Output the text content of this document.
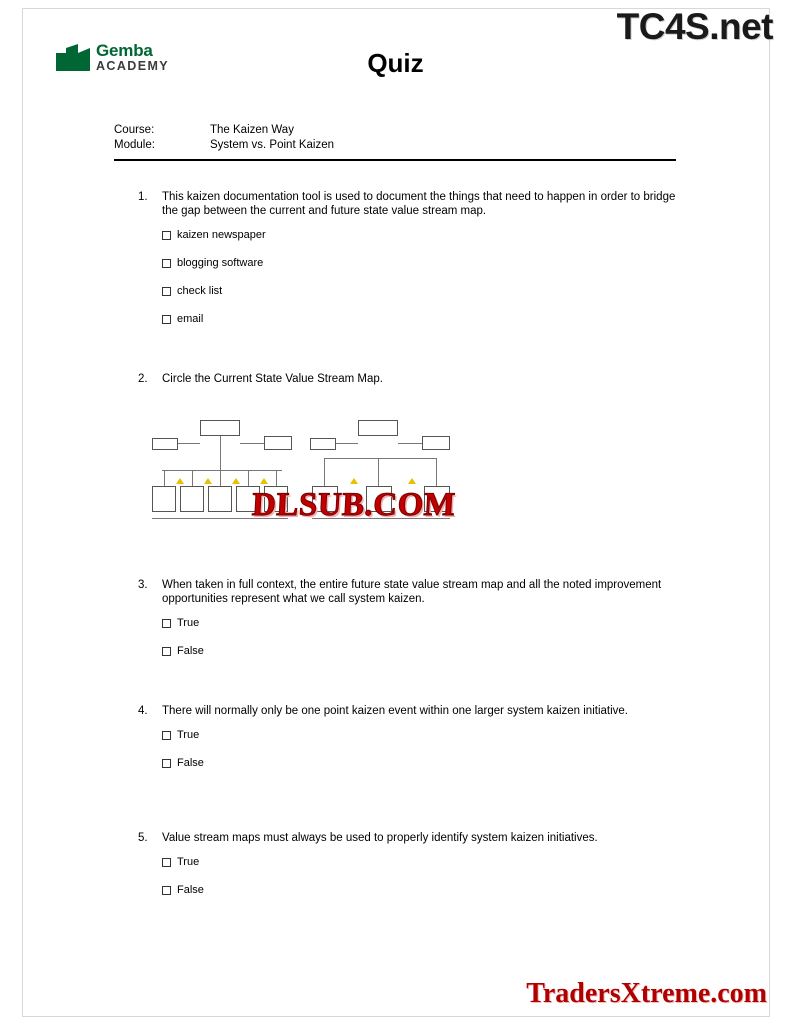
TC4S.net
Gemba
ACADEMY	Quiz
Course:	The Kaizen Way
Module:	System vs. Point Kaizen
1.	This kaizen documentation tool is used to document the things that need to happen in order to bridge the gap between the current and future state value stream map.
kaizen newspaper
blogging software
check list
email
2.	Circle the Current State Value Stream Map.
3.	When taken in full context, the entire future state value stream map and all the noted improvement opportunities represent what we call system kaizen.
True
False
4.	There will normally only be one point kaizen event within one larger system kaizen initiative.
True
False
5.	Value stream maps must always be used to properly identify system kaizen initiatives.
True
False
DLSUB.COM
TradersXtreme.com
